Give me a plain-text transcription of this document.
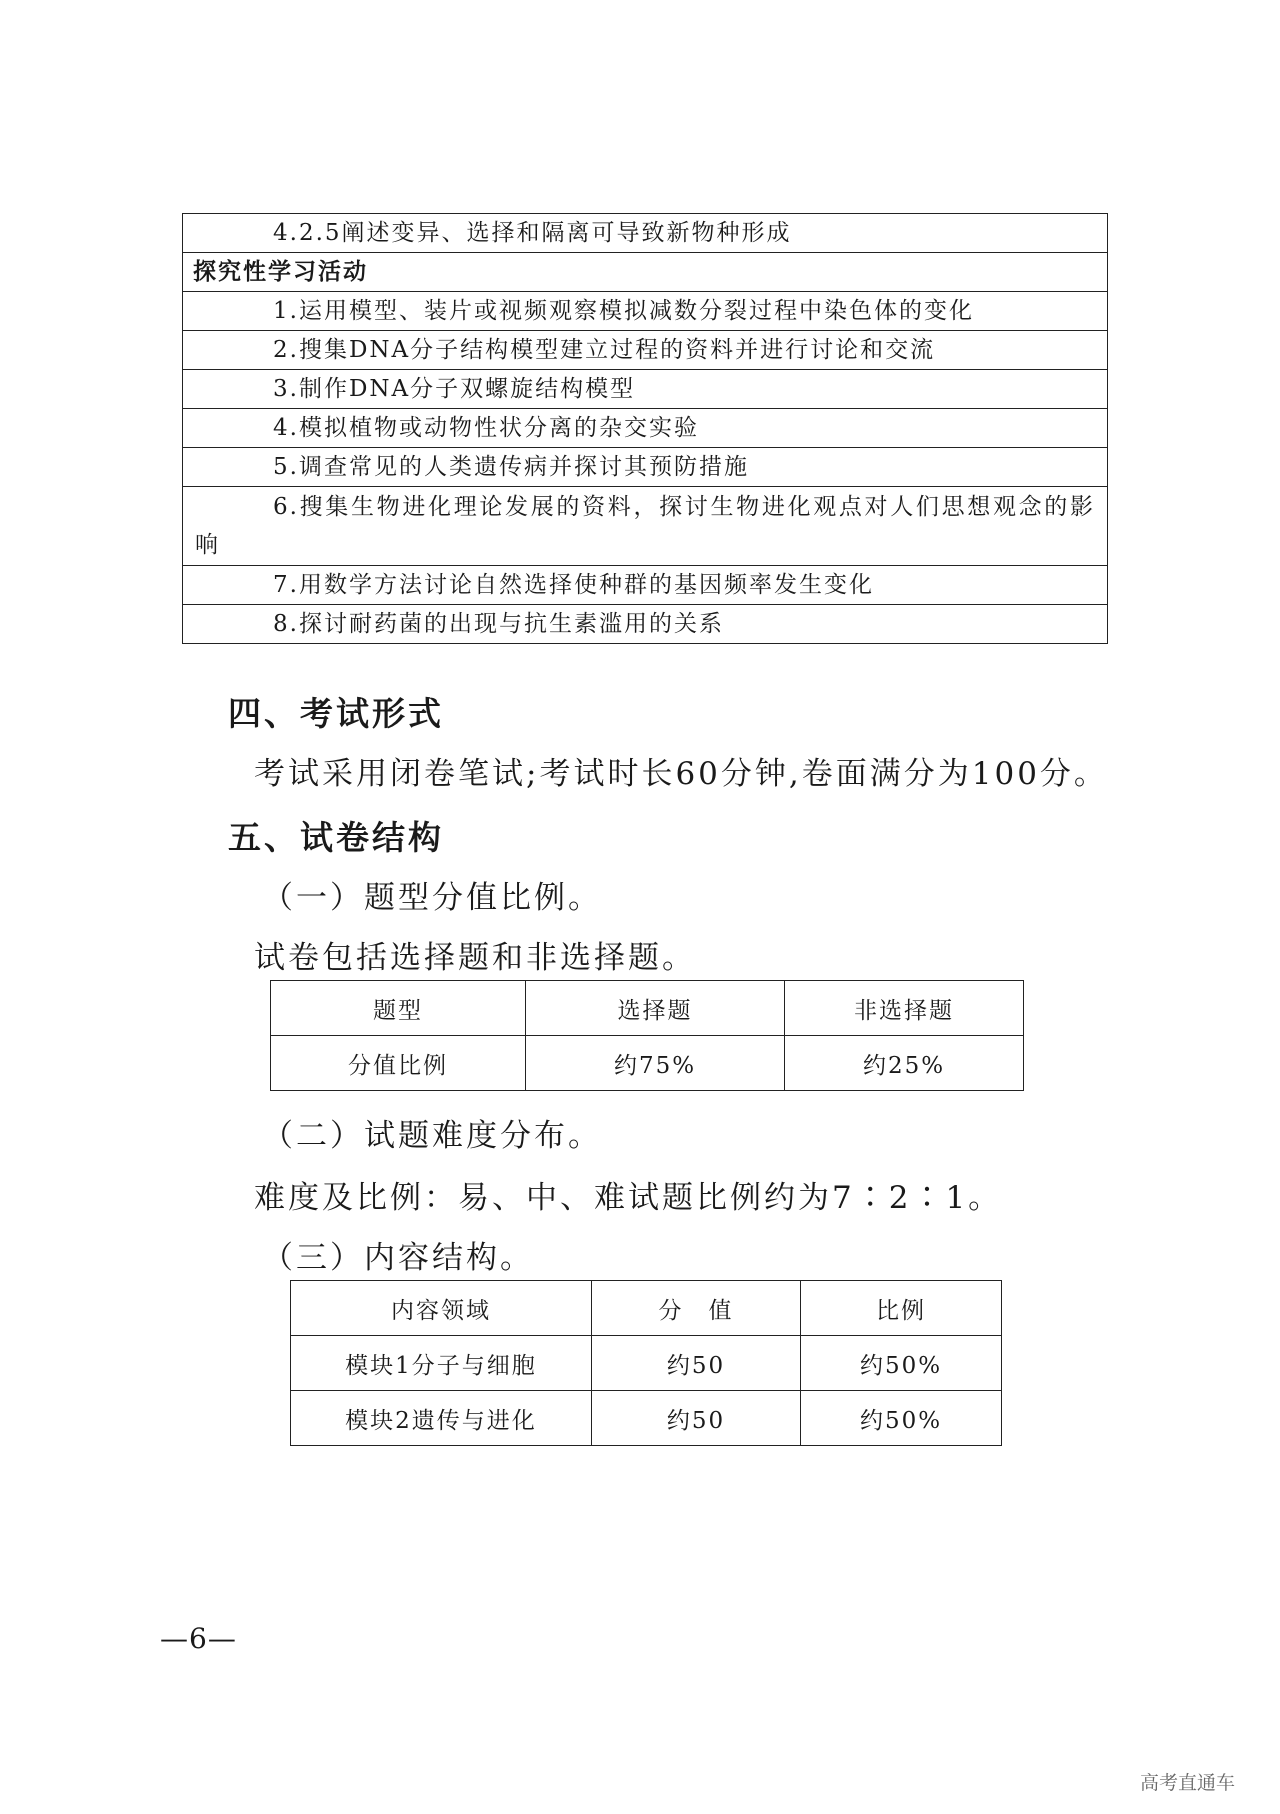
4.2.5阐述变异、选择和隔离可导致新物种形成
探究性学习活动
1.运用模型、装片或视频观察模拟减数分裂过程中染色体的变化
2.搜集DNA分子结构模型建立过程的资料并进行讨论和交流
3.制作DNA分子双螺旋结构模型
4.模拟植物或动物性状分离的杂交实验
5.调查常见的人类遗传病并探讨其预防措施
6.搜集生物进化理论发展的资料，探讨生物进化观点对人们思想观念的影响
7.用数学方法讨论自然选择使种群的基因频率发生变化
8.探讨耐药菌的出现与抗生素滥用的关系
四、考试形式

考试采用闭卷笔试;考试时长60分钟,卷面满分为100分。

五、试卷结构

（一）题型分值比例。

试卷包括选择题和非选择题。

题型	选择题	非选择题
分值比例	约75%	约25%

（二）试题难度分布。

难度及比例：易、中、难试题比例约为7∶2∶1。

（三）内容结构。

内容领域	分　值	比例
模块1分子与细胞	约50	约50%
模块2遗传与进化	约50	约50%
—6—
高考直通车
